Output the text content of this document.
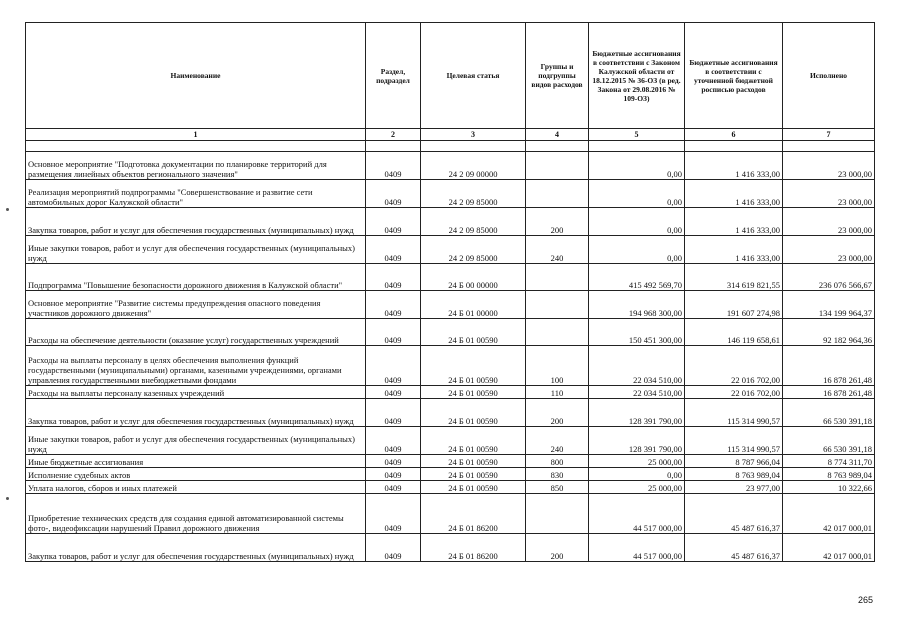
Наименование	Раздел, подраздел	Целевая статья	Группы и подгруппы видов расходов	Бюджетные ассигнования в соответствии с Законом Калужской области от 18.12.2015 № 36-ОЗ (в ред. Закона от 29.08.2016 № 109-ОЗ)	Бюджетные ассигнования в соответствии с уточненной бюджетной росписью расходов	Исполнено
1	2	3	4	5	6	7

Основное мероприятие "Подготовка документации по планировке территорий для размещения линейных объектов регионального значения"	0409	24 2 09 00000		0,00	1 416 333,00	23 000,00
Реализация мероприятий подпрограммы "Совершенствование и развитие сети автомобильных дорог Калужской области"	0409	24 2 09 85000		0,00	1 416 333,00	23 000,00
Закупка товаров, работ и услуг для обеспечения государственных (муниципальных) нужд	0409	24 2 09 85000	200	0,00	1 416 333,00	23 000,00
Иные закупки товаров, работ и услуг для обеспечения государственных (муниципальных) нужд	0409	24 2 09 85000	240	0,00	1 416 333,00	23 000,00
Подпрограмма "Повышение безопасности дорожного движения в Калужской области"	0409	24 Б 00 00000		415 492 569,70	314 619 821,55	236 076 566,67
Основное мероприятие "Развитие системы предупреждения опасного поведения участников дорожного движения"	0409	24 Б 01 00000		194 968 300,00	191 607 274,98	134 199 964,37
Расходы на обеспечение деятельности (оказание услуг) государственных учреждений	0409	24 Б 01 00590		150 451 300,00	146 119 658,61	92 182 964,36
Расходы на выплаты персоналу в целях обеспечения выполнения функций государственными (муниципальными) органами, казенными учреждениями, органами управления государственными внебюджетными фондами	0409	24 Б 01 00590	100	22 034 510,00	22 016 702,00	16 878 261,48
Расходы на выплаты персоналу казенных учреждений	0409	24 Б 01 00590	110	22 034 510,00	22 016 702,00	16 878 261,48
Закупка товаров, работ и услуг для обеспечения государственных (муниципальных) нужд	0409	24 Б 01 00590	200	128 391 790,00	115 314 990,57	66 530 391,18
Иные закупки товаров, работ и услуг для обеспечения государственных (муниципальных) нужд	0409	24 Б 01 00590	240	128 391 790,00	115 314 990,57	66 530 391,18
Иные бюджетные ассигнования	0409	24 Б 01 00590	800	25 000,00	8 787 966,04	8 774 311,70
Исполнение судебных актов	0409	24 Б 01 00590	830	0,00	8 763 989,04	8 763 989,04
Уплата налогов, сборов и иных платежей	0409	24 Б 01 00590	850	25 000,00	23 977,00	10 322,66
Приобретение технических средств для создания единой автоматизированной системы фото-, видеофиксации нарушений Правил дорожного движения	0409	24 Б 01 86200		44 517 000,00	45 487 616,37	42 017 000,01
Закупка товаров, работ и услуг для обеспечения государственных (муниципальных) нужд	0409	24 Б 01 86200	200	44 517 000,00	45 487 616,37	42 017 000,01
265
